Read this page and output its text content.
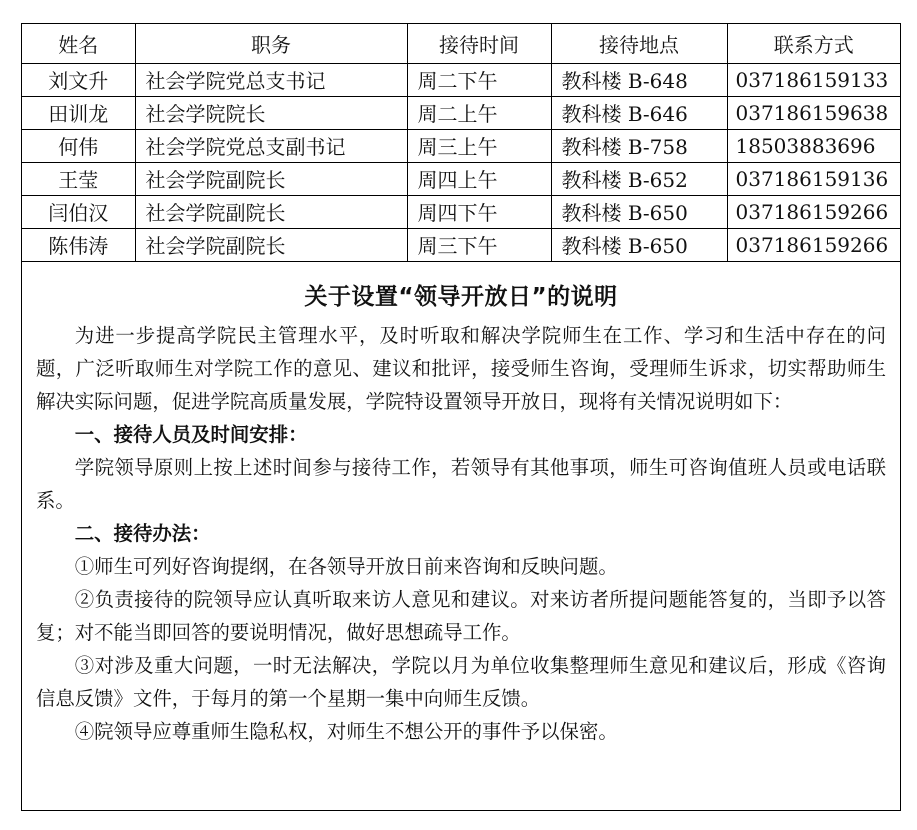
姓名	职务	接待时间	接待地点	联系方式
刘文升	社会学院党总支书记	周二下午	教科楼 B-648	037186159133
田训龙	社会学院院长	周二上午	教科楼 B-646	037186159638
何伟	社会学院党总支副书记	周三上午	教科楼 B-758	18503883696
王莹	社会学院副院长	周四上午	教科楼 B-652	037186159136
闫伯汉	社会学院副院长	周四下午	教科楼 B-650	037186159266
陈伟涛	社会学院副院长	周三下午	教科楼 B-650	037186159266
关于设置“领导开放日”的说明

为进一步提高学院民主管理水平，及时听取和解决学院师生在工作、学习和生活中存在的问题，广泛听取师生对学院工作的意见、建议和批评，接受师生咨询，受理师生诉求，切实帮助师生解决实际问题，促进学院高质量发展，学院特设置领导开放日，现将有关情况说明如下：

一、接待人员及时间安排：

学院领导原则上按上述时间参与接待工作，若领导有其他事项，师生可咨询值班人员或电话联系。

二、接待办法：

①师生可列好咨询提纲，在各领导开放日前来咨询和反映问题。

②负责接待的院领导应认真听取来访人意见和建议。对来访者所提问题能答复的，当即予以答复；对不能当即回答的要说明情况，做好思想疏导工作。

③对涉及重大问题，一时无法解决，学院以月为单位收集整理师生意见和建议后，形成《咨询信息反馈》文件，于每月的第一个星期一集中向师生反馈。

④院领导应尊重师生隐私权，对师生不想公开的事件予以保密。
